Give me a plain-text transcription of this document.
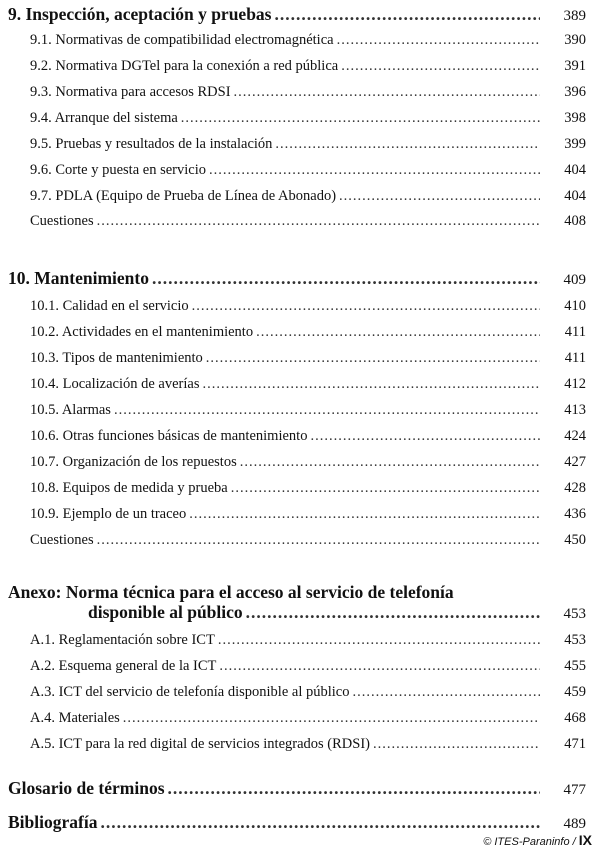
9. Inspección, aceptación y pruebas .....	389
9.1. Normativas de compatibilidad electromagnética .....	390
9.2. Normativa DGTel para la conexión a red pública .....	391
9.3. Normativa para accesos RDSI .....	396
9.4. Arranque del sistema .....	398
9.5. Pruebas y resultados de la instalación .....	399
9.6. Corte y puesta en servicio .....	404
9.7. PDLA (Equipo de Prueba de Línea de Abonado) .....	404
Cuestiones .....	408
10. Mantenimiento .....	409
10.1. Calidad en el servicio .....	410
10.2. Actividades en el mantenimiento .....	411
10.3. Tipos de mantenimiento .....	411
10.4. Localización de averías .....	412
10.5. Alarmas .....	413
10.6. Otras funciones básicas de mantenimiento .....	424
10.7. Organización de los repuestos .....	427
10.8. Equipos de medida y prueba .....	428
10.9. Ejemplo de un traceo .....	436
Cuestiones .....	450
Anexo: Norma técnica para el acceso al servicio de telefonía
disponible al público .....	453
A.1. Reglamentación sobre ICT .....	453
A.2. Esquema general de la ICT .....	455
A.3. ICT del servicio de telefonía disponible al público .....	459
A.4. Materiales .....	468
A.5. ICT para la red digital de servicios integrados (RDSI) .....	471
Glosario de términos .....	477
Bibliografía .....	489
© ITES-Paraninfo / IX
